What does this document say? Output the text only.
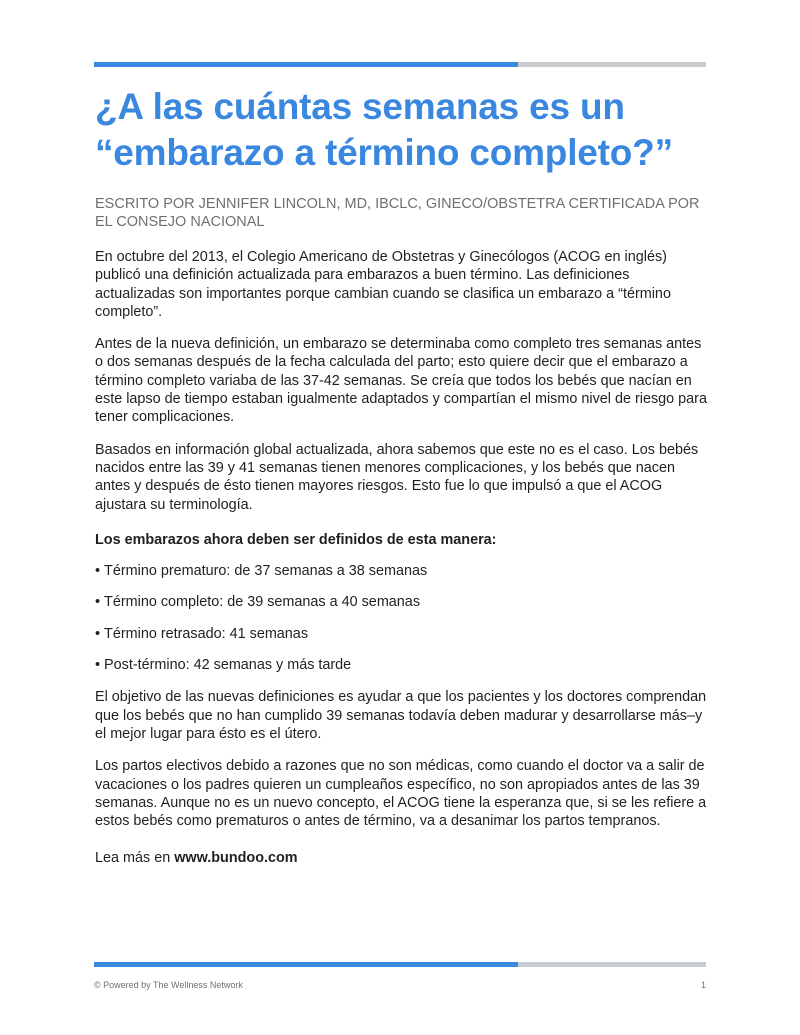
¿A las cuántas semanas es un “embarazo a término completo?”

ESCRITO POR JENNIFER LINCOLN, MD, IBCLC, GINECO/OBSTETRA CERTIFICADA POR EL CONSEJO NACIONAL

En octubre del 2013, el Colegio Americano de Obstetras y Ginecólogos (ACOG en inglés) publicó una definición actualizada para embarazos a buen término. Las definiciones actualizadas son importantes porque cambian cuando se clasifica un embarazo a “término completo”.

Antes de la nueva definición, un embarazo se determinaba como completo tres semanas antes o dos semanas después de la fecha calculada del parto; esto quiere decir que el embarazo a término completo variaba de las 37-42 semanas. Se creía que todos los bebés que nacían en este lapso de tiempo estaban igualmente adaptados y compartían el mismo nivel de riesgo para tener complicaciones.

Basados en información global actualizada, ahora sabemos que este no es el caso. Los bebés nacidos entre las 39 y 41 semanas tienen menores complicaciones, y los bebés que nacen antes y después de ésto tienen mayores riesgos. Esto fue lo que impulsó a que el ACOG ajustara su terminología.

Los embarazos ahora deben ser definidos de esta manera:

• Término prematuro: de 37 semanas a 38 semanas
• Término completo: de 39 semanas a 40 semanas
• Término retrasado: 41 semanas
• Post-término: 42 semanas y más tarde

El objetivo de las nuevas definiciones es ayudar a que los pacientes y los doctores comprendan que los bebés que no han cumplido 39 semanas todavía deben madurar y desarrollarse más–y el mejor lugar para ésto es el útero.

Los partos electivos debido a razones que no son médicas, como cuando el doctor va a salir de vacaciones o los padres quieren un cumpleaños específico, no son apropiados antes de las 39 semanas. Aunque no es un nuevo concepto, el ACOG tiene la esperanza que, si se les refiere a estos bebés como prematuros o antes de término, va a desanimar los partos tempranos.

Lea más en www.bundoo.com

© Powered by The Wellness Network	1
